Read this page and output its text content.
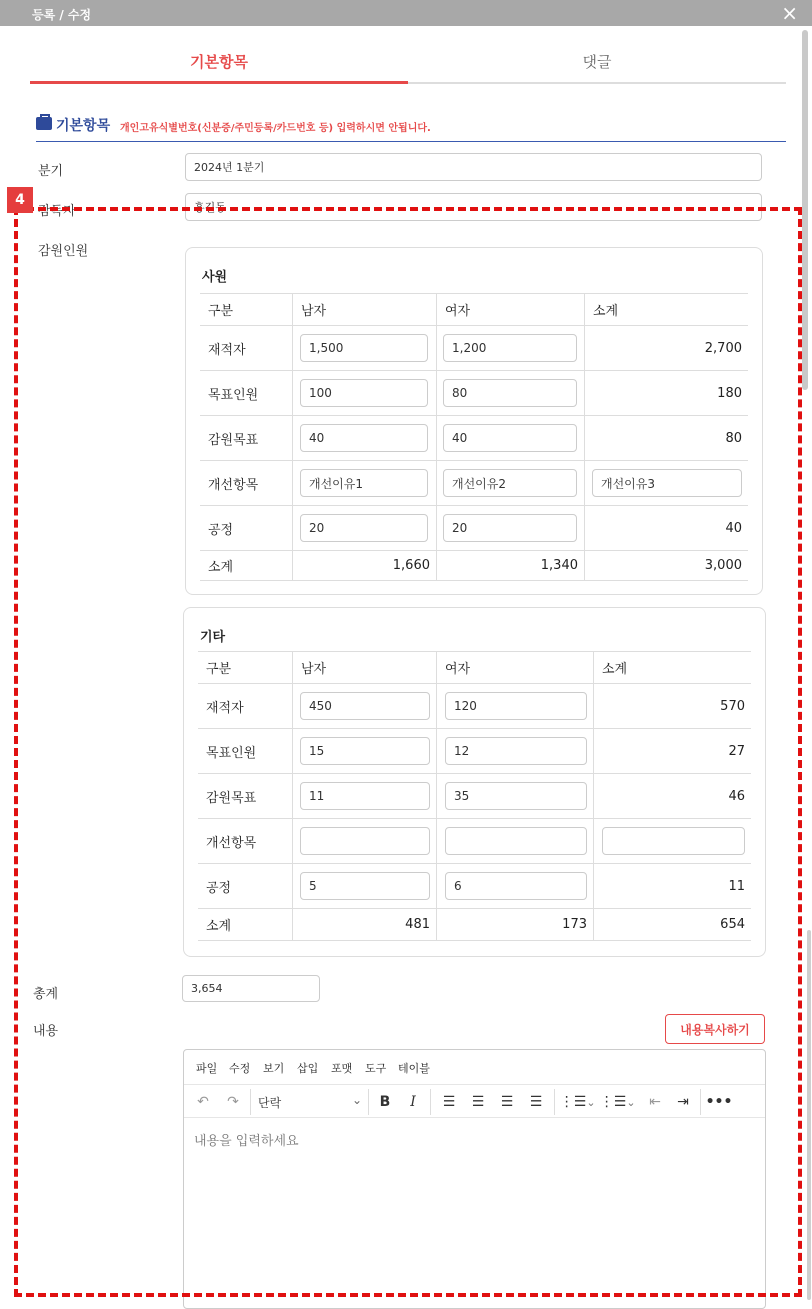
등록 / 수정	×
기본항목	댓글
기본항목 개인고유식별번호(신분증/주민등록/카드번호 등) 입력하시면 안됩니다.
분기	2024년 1분기
감독자	홍길동
감원인원
사원
구분	남자	여자	소계
재적자	1,500	1,200	2,700
목표인원	100	80	180
감원목표	40	40	80
개선항목	개선이유1	개선이유2	개선이유3
공정	20	20	40
소계	1,660	1,340	3,000
기타
구분	남자	여자	소계
재적자	450	120	570
목표인원	15	12	27
감원목표	11	35	46
개선항목
공정	5	6	11
소계	481	173	654
총계	3,654
내용	내용복사하기
파일 수정 보기 삽입 포맷 도구 테이블
↶	↷	단락	⌄	B	I	☰	☰	☰	☰	⋮☰ ⌄ ⋮☰ ⌄ ⇤	⇥	•••
내용을 입력하세요
4
